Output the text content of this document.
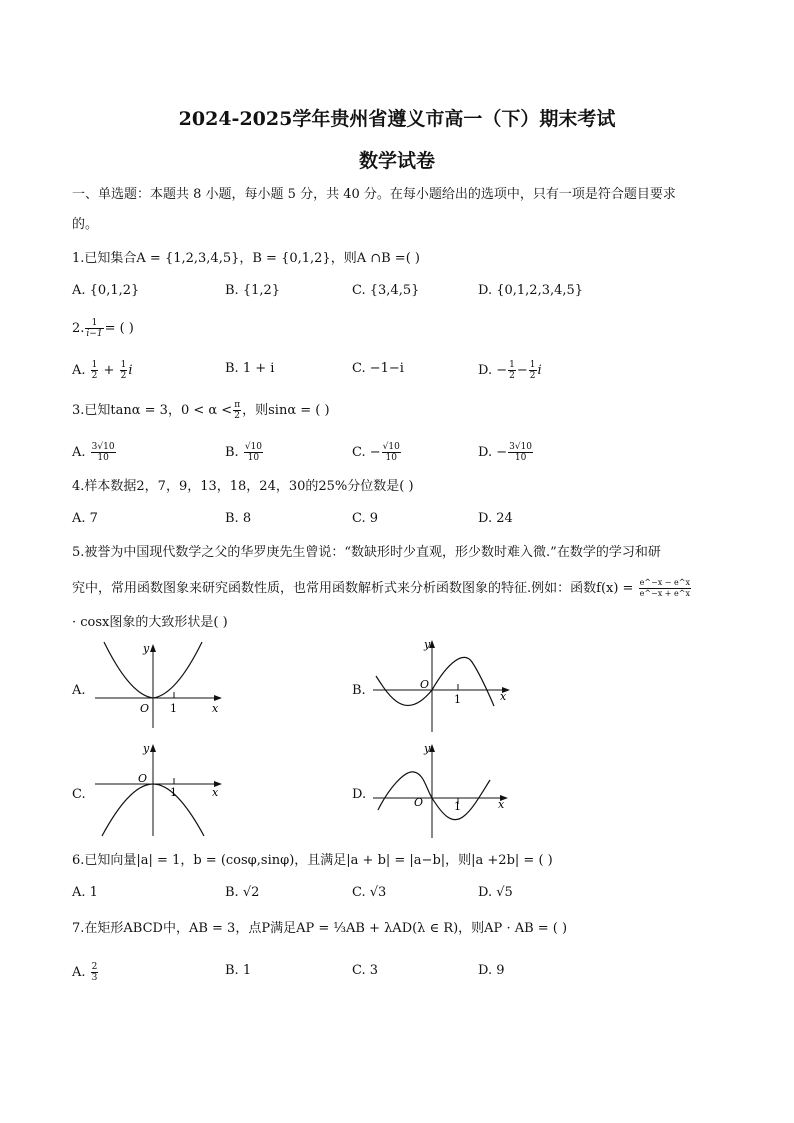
2024-2025学年贵州省遵义市高一（下）期末考试
数学试卷
一、单选题：本题共 8 小题，每小题 5 分，共 40 分。在每小题给出的选项中，只有一项是符合题目要求
的。
1.已知集合A = {1,2,3,4,5}，B = {0,1,2}，则A ∩B =( )
A. {0,1,2}	B. {1,2}	C. {3,4,5}	D. {0,1,2,3,4,5}
2. $\frac{1}{i-1}$ = ( )
A. $\frac{1}{2} + \frac{1}{2}$ i	B. 1 + i	C. −1−i	D. − $\frac{1}{2} - \frac{1}{2}$ i
3.已知tanα = 3，$0 < \alpha < \frac{\pi}{2}$ ，则sinα = ( )
A. $\frac{3√10}{10}$	B. $\frac{√10}{10}$	C. − $\frac{√10}{10}$	D. − $\frac{3√10}{10}$
4.样本数据2，7，9，13，18，24，30的25%分位数是( )
A. 7	B. 8	C. 9	D. 24
5.被誉为中国现代数学之父的华罗庚先生曾说：“数缺形时少直观，形少数时难入微.”在数学的学习和研
究中，常用函数图象来研究函数性质，也常用函数解析式来分析函数图象的特征.例如：函数$f(x) = \frac{e\^{}-x - e\^{}x}{e\^{}-x + e\^{}x}$
· cosx图象的大致形状是( )
A.
y
x
O 1
B.
y
x
O
1
C.
y
x
O
1	D.
y
x
O	1
6.已知向量|a| = 1，b = (cosφ,sinφ)，且满足|a + b| = |a−b|，则|a +2b| = ( )
A. 1	B. √2	C. √3	D. √5
7.在矩形ABCD中，AB = 3，点P满足AP = ⅓AB + λAD(λ ∈ R)，则AP · AB = ( )
A. $\frac{2}{3}$	B. 1	C. 3	D. 9
